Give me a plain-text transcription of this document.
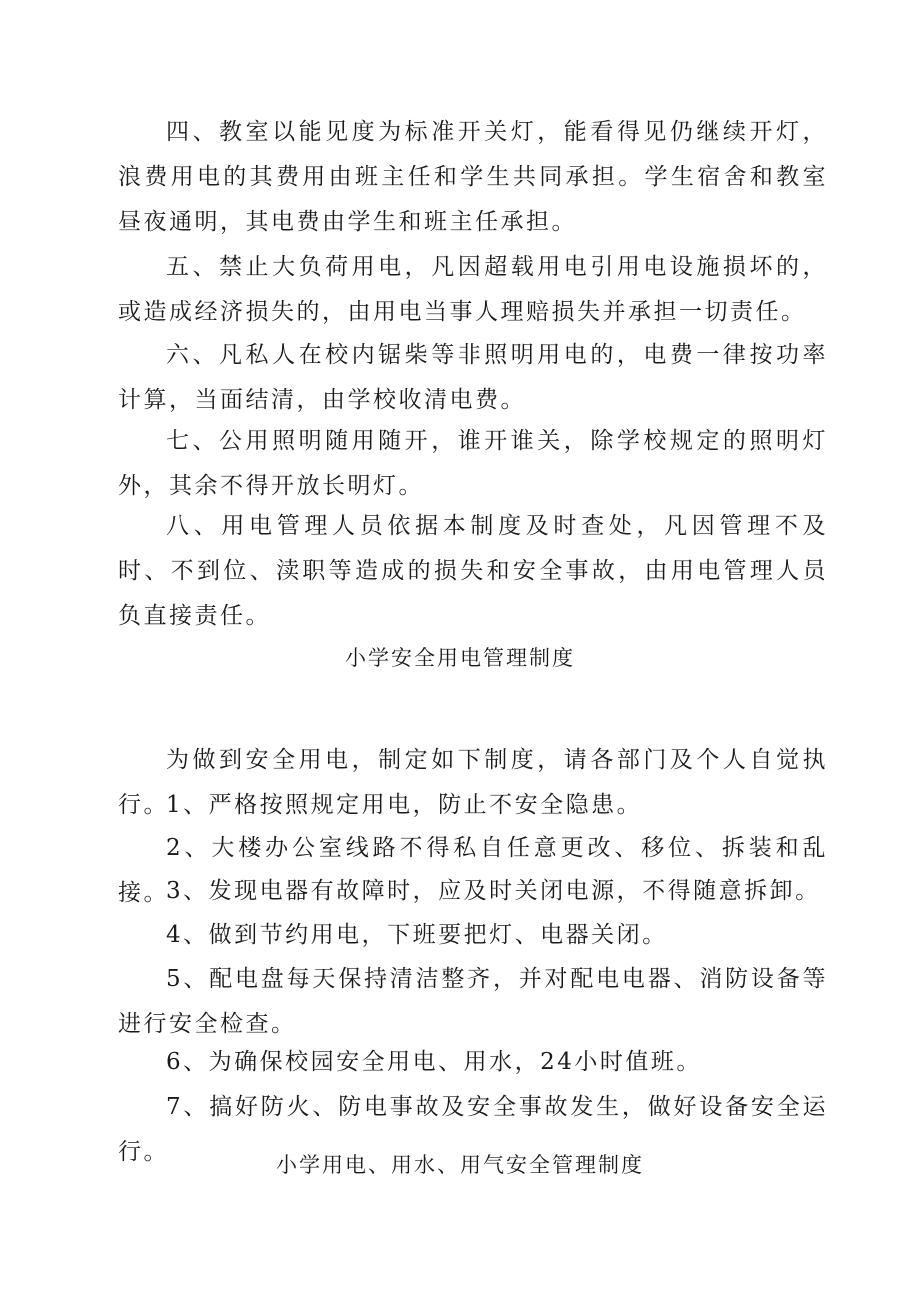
四、教室以能见度为标准开关灯，能看得见仍继续开灯，浪费用电的其费用由班主任和学生共同承担。学生宿舍和教室昼夜通明，其电费由学生和班主任承担。

五、禁止大负荷用电，凡因超载用电引用电设施损坏的，或造成经济损失的，由用电当事人理赔损失并承担一切责任。

六、凡私人在校内锯柴等非照明用电的，电费一律按功率计算，当面结清，由学校收清电费。

七、公用照明随用随开，谁开谁关，除学校规定的照明灯外，其余不得开放长明灯。

八、用电管理人员依据本制度及时查处，凡因管理不及时、不到位、渎职等造成的损失和安全事故，由用电管理人员负直接责任。

小学安全用电管理制度

为做到安全用电，制定如下制度，请各部门及个人自觉执行。

1、严格按照规定用电，防止不安全隐患。

2、大楼办公室线路不得私自任意更改、移位、拆装和乱接。

3、发现电器有故障时，应及时关闭电源，不得随意拆卸。

4、做到节约用电，下班要把灯、电器关闭。

5、配电盘每天保持清洁整齐，并对配电电器、消防设备等进行安全检查。

6、为确保校园安全用电、用水，24小时值班。

7、搞好防火、防电事故及安全事故发生，做好设备安全运行。	小学用电、用水、用气安全管理制度
